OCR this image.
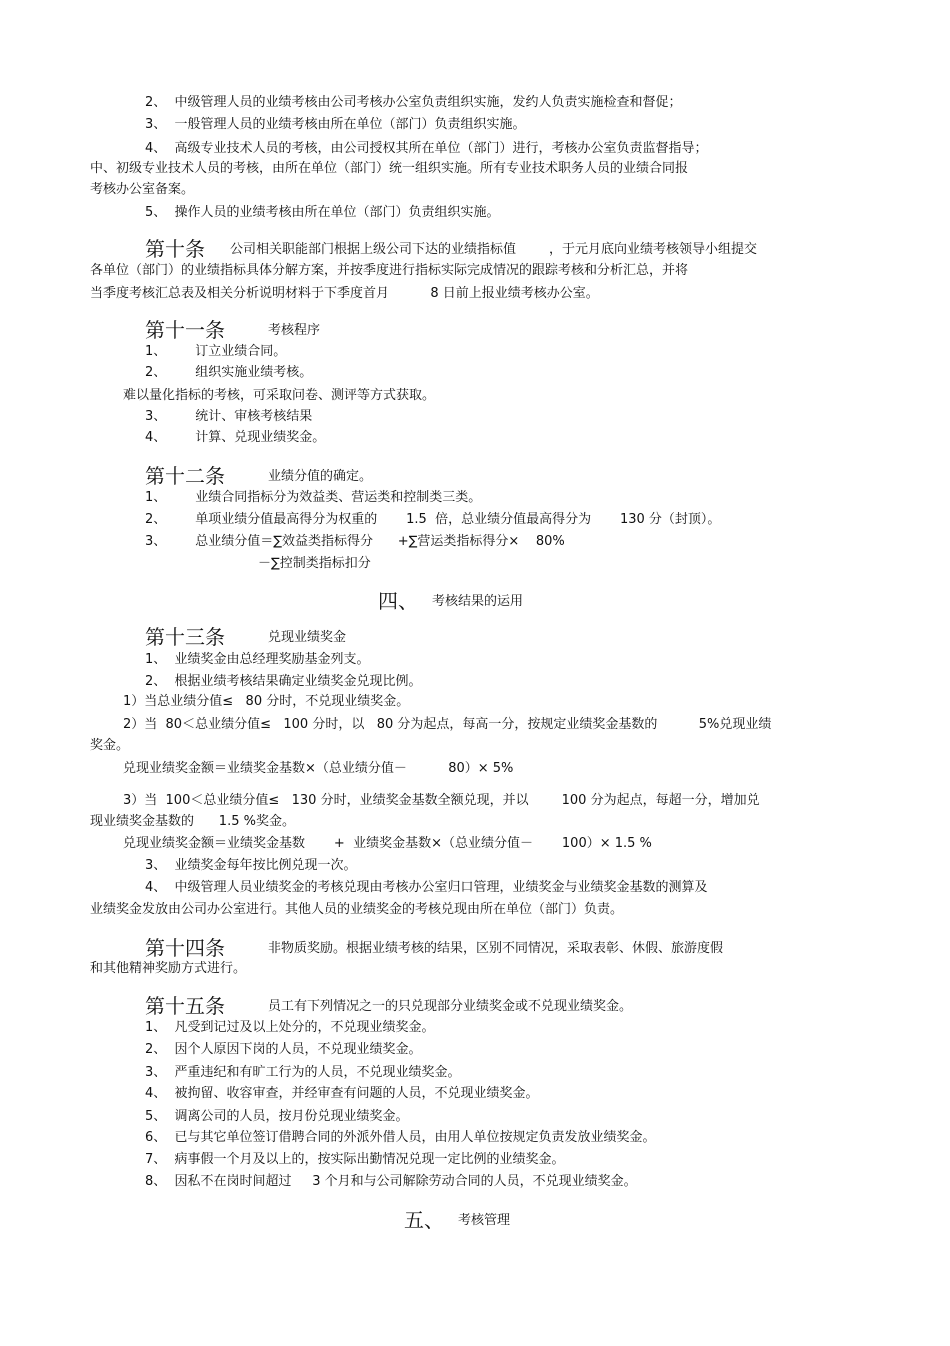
2、  中级管理人员的业绩考核由公司考核办公室负责组织实施，发约人负责实施检查和督促；
3、  一般管理人员的业绩考核由所在单位（部门）负责组织实施。
4、  高级专业技术人员的考核，由公司授权其所在单位（部门）进行，考核办公室负责监督指导；
中、初级专业技术人员的考核，由所在单位（部门）统一组织实施。所有专业技术职务人员的业绩合同报
考核办公室备案。
5、  操作人员的业绩考核由所在单位（部门）负责组织实施。
第十条 公司相关职能部门根据上级公司下达的业绩指标值        ，于元月底向业绩考核领导小组提交
各单位（部门）的业绩指标具体分解方案，并按季度进行指标实际完成情况的跟踪考核和分析汇总，并将
当季度考核汇总表及相关分析说明材料于下季度首月          8 日前上报业绩考核办公室。
第十一条	考核程序
1、       订立业绩合同。
2、       组织实施业绩考核。
难以量化指标的考核，可采取问卷、测评等方式获取。
3、       统计、审核考核结果
4、       计算、兑现业绩奖金。
第十二条	业绩分值的确定。
1、       业绩合同指标分为效益类、营运类和控制类三类。
2、       单项业绩分值最高得分为权重的       1.5  倍，总业绩分值最高得分为       130 分（封顶）。
3、       总业绩分值＝∑效益类指标得分      +∑营运类指标得分×    80%
－∑控制类指标扣分
四、 考核结果的运用
第十三条	兑现业绩奖金
1、  业绩奖金由总经理奖励基金列支。
2、  根据业绩考核结果确定业绩奖金兑现比例。
1）当总业绩分值≤   80 分时，不兑现业绩奖金。
2）当  80＜总业绩分值≤   100 分时，以   80 分为起点，每高一分，按规定业绩奖金基数的          5%兑现业绩
奖金。
兑现业绩奖金额＝业绩奖金基数×（总业绩分值－          80）× 5%
3）当  100＜总业绩分值≤   130 分时，业绩奖金基数全额兑现，并以        100 分为起点，每超一分，增加兑
现业绩奖金基数的      1.5 %奖金。
兑现业绩奖金额＝业绩奖金基数       +  业绩奖金基数×（总业绩分值－       100）× 1.5 %
3、  业绩奖金每年按比例兑现一次。
4、  中级管理人员业绩奖金的考核兑现由考核办公室归口管理，业绩奖金与业绩奖金基数的测算及
业绩奖金发放由公司办公室进行。其他人员的业绩奖金的考核兑现由所在单位（部门）负责。
第十四条	非物质奖励。根据业绩考核的结果，区别不同情况，采取表彰、休假、旅游度假
和其他精神奖励方式进行。
第十五条	员工有下列情况之一的只兑现部分业绩奖金或不兑现业绩奖金。
1、  凡受到记过及以上处分的，不兑现业绩奖金。
2、  因个人原因下岗的人员，不兑现业绩奖金。
3、  严重违纪和有旷工行为的人员，不兑现业绩奖金。
4、  被拘留、收容审查，并经审查有问题的人员，不兑现业绩奖金。
5、  调离公司的人员，按月份兑现业绩奖金。
6、  已与其它单位签订借聘合同的外派外借人员，由用人单位按规定负责发放业绩奖金。
7、  病事假一个月及以上的，按实际出勤情况兑现一定比例的业绩奖金。
8、  因私不在岗时间超过     3 个月和与公司解除劳动合同的人员，不兑现业绩奖金。
五、 考核管理
